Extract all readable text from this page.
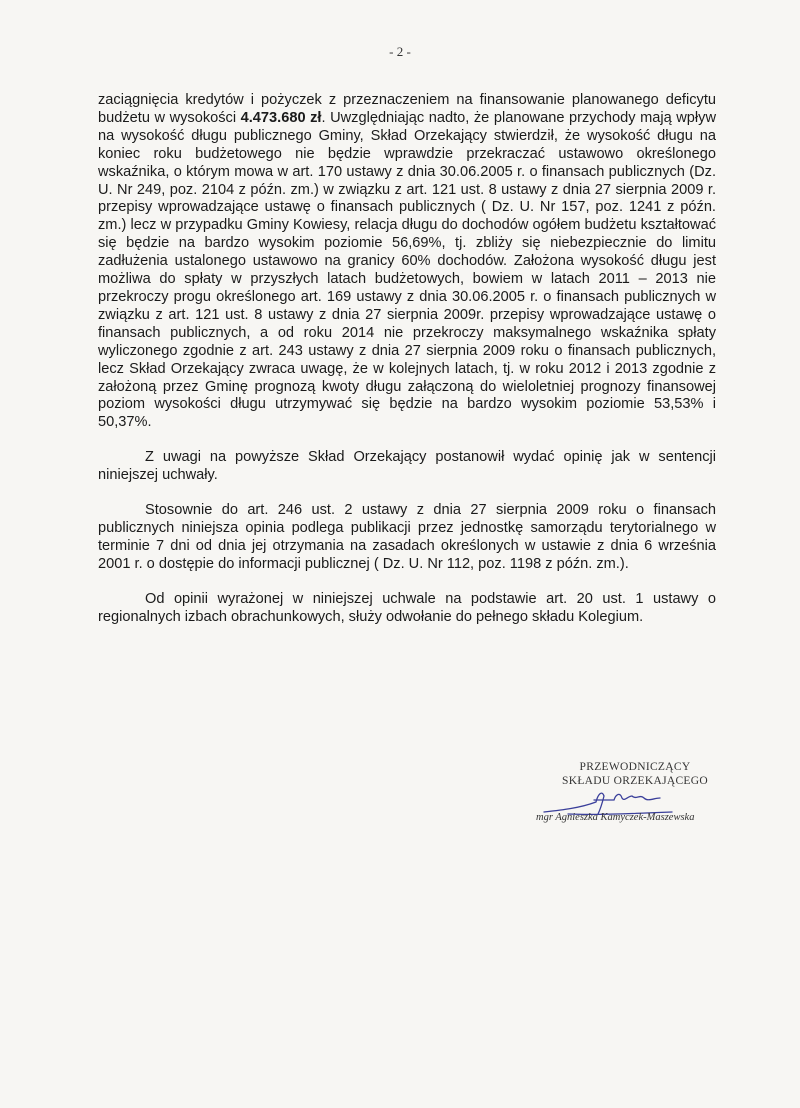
- 2 -

zaciągnięcia kredytów i pożyczek z przeznaczeniem na finansowanie planowanego deficytu budżetu w wysokości 4.473.680 zł. Uwzględniając nadto, że planowane przychody mają wpływ na wysokość długu publicznego Gminy, Skład Orzekający stwierdził, że wysokość długu na koniec roku budżetowego nie będzie wprawdzie przekraczać ustawowo określonego wskaźnika, o którym mowa w art. 170 ustawy z dnia 30.06.2005 r. o finansach publicznych (Dz. U. Nr 249, poz. 2104 z późn. zm.) w związku z art. 121 ust. 8 ustawy z dnia 27 sierpnia 2009 r. przepisy wprowadzające ustawę o finansach publicznych ( Dz. U. Nr 157, poz. 1241 z późn. zm.) lecz w przypadku Gminy Kowiesy, relacja długu do dochodów ogółem budżetu kształtować się będzie na bardzo wysokim poziomie 56,69%, tj. zbliży się niebezpiecznie do limitu zadłużenia ustalonego ustawowo na granicy 60% dochodów. Założona wysokość długu jest możliwa do spłaty w przyszłych latach budżetowych, bowiem w latach 2011 – 2013 nie przekroczy progu określonego art. 169 ustawy z dnia 30.06.2005 r. o finansach publicznych w związku z art. 121 ust. 8 ustawy z dnia 27 sierpnia 2009r. przepisy wprowadzające ustawę o finansach publicznych, a od roku 2014 nie przekroczy maksymalnego wskaźnika spłaty wyliczonego zgodnie z art. 243 ustawy z dnia 27 sierpnia 2009 roku o finansach publicznych, lecz Skład Orzekający zwraca uwagę, że w kolejnych latach, tj. w roku 2012 i 2013 zgodnie z założoną przez Gminę prognozą kwoty długu załączoną do wieloletniej prognozy finansowej poziom wysokości długu utrzymywać się będzie na bardzo wysokim poziomie 53,53% i 50,37%.

Z uwagi na powyższe Skład Orzekający postanowił wydać opinię jak w sentencji niniejszej uchwały.

Stosownie do art. 246 ust. 2 ustawy z dnia 27 sierpnia 2009 roku o finansach publicznych niniejsza opinia podlega publikacji przez jednostkę samorządu terytorialnego w terminie 7 dni od dnia jej otrzymania na zasadach określonych w ustawie z dnia 6 września 2001 r. o dostępie do informacji publicznej ( Dz. U. Nr 112, poz. 1198 z późn. zm.).

Od opinii wyrażonej w niniejszej uchwale na podstawie art. 20 ust. 1 ustawy o regionalnych izbach obrachunkowych, służy odwołanie do pełnego składu Kolegium.

PRZEWODNICZĄCY
SKŁADU ORZEKAJĄCEGO
mgr Agnieszka Kamyczek-Maszewska
